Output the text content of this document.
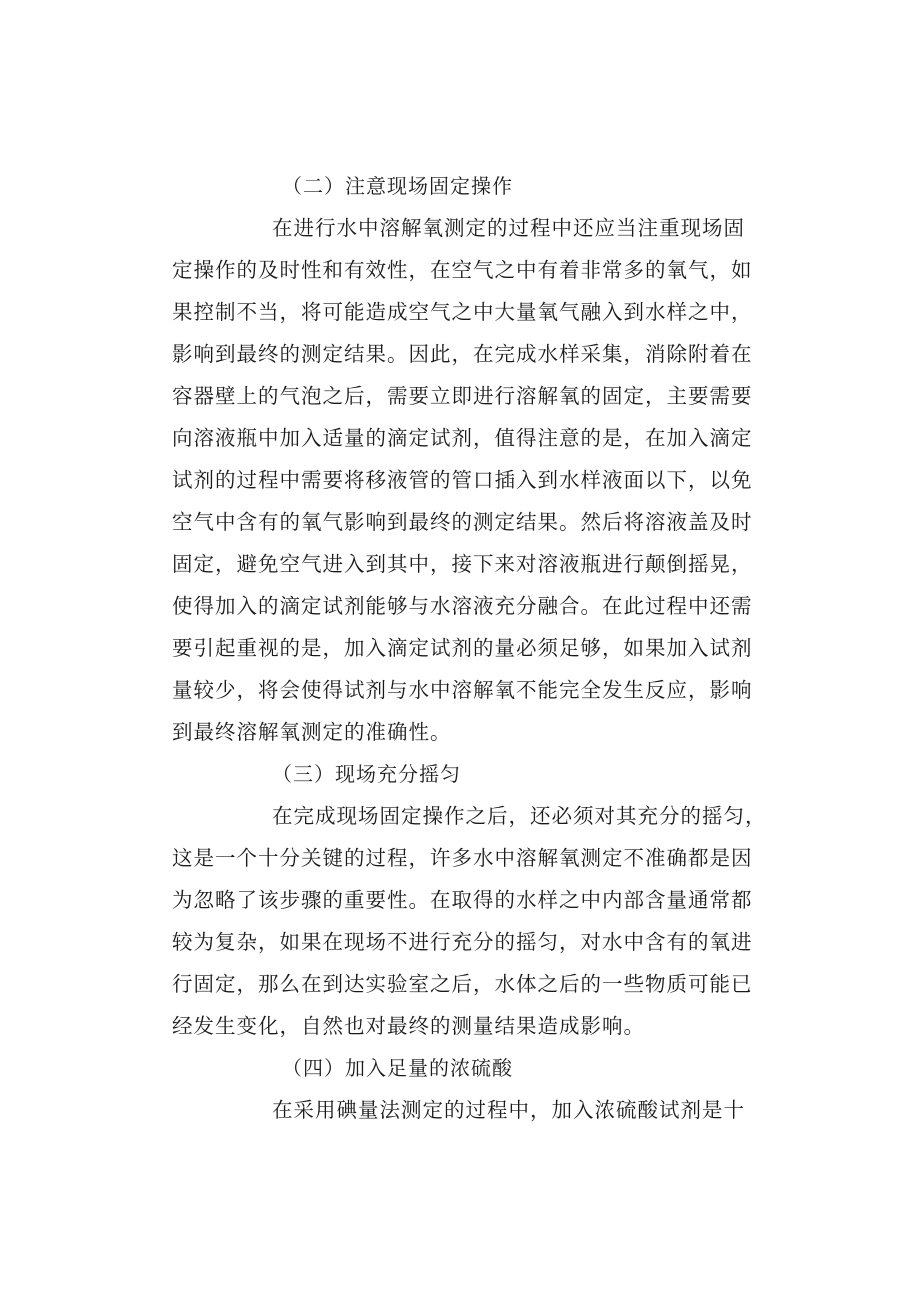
（二）注意现场固定操作
在进行水中溶解氧测定的过程中还应当注重现场固
定操作的及时性和有效性，在空气之中有着非常多的氧气，如
果控制不当，将可能造成空气之中大量氧气融入到水样之中，
影响到最终的测定结果。因此，在完成水样采集，消除附着在
容器壁上的气泡之后，需要立即进行溶解氧的固定，主要需要
向溶液瓶中加入适量的滴定试剂，值得注意的是，在加入滴定
试剂的过程中需要将移液管的管口插入到水样液面以下，以免
空气中含有的氧气影响到最终的测定结果。然后将溶液盖及时
固定，避免空气进入到其中，接下来对溶液瓶进行颠倒摇晃，
使得加入的滴定试剂能够与水溶液充分融合。在此过程中还需
要引起重视的是，加入滴定试剂的量必须足够，如果加入试剂
量较少，将会使得试剂与水中溶解氧不能完全发生反应，影响
到最终溶解氧测定的准确性。
（三）现场充分摇匀
在完成现场固定操作之后，还必须对其充分的摇匀，
这是一个十分关键的过程，许多水中溶解氧测定不准确都是因
为忽略了该步骤的重要性。在取得的水样之中内部含量通常都
较为复杂，如果在现场不进行充分的摇匀，对水中含有的氧进
行固定，那么在到达实验室之后，水体之后的一些物质可能已
经发生变化，自然也对最终的测量结果造成影响。
（四）加入足量的浓硫酸
在采用碘量法测定的过程中，加入浓硫酸试剂是十
